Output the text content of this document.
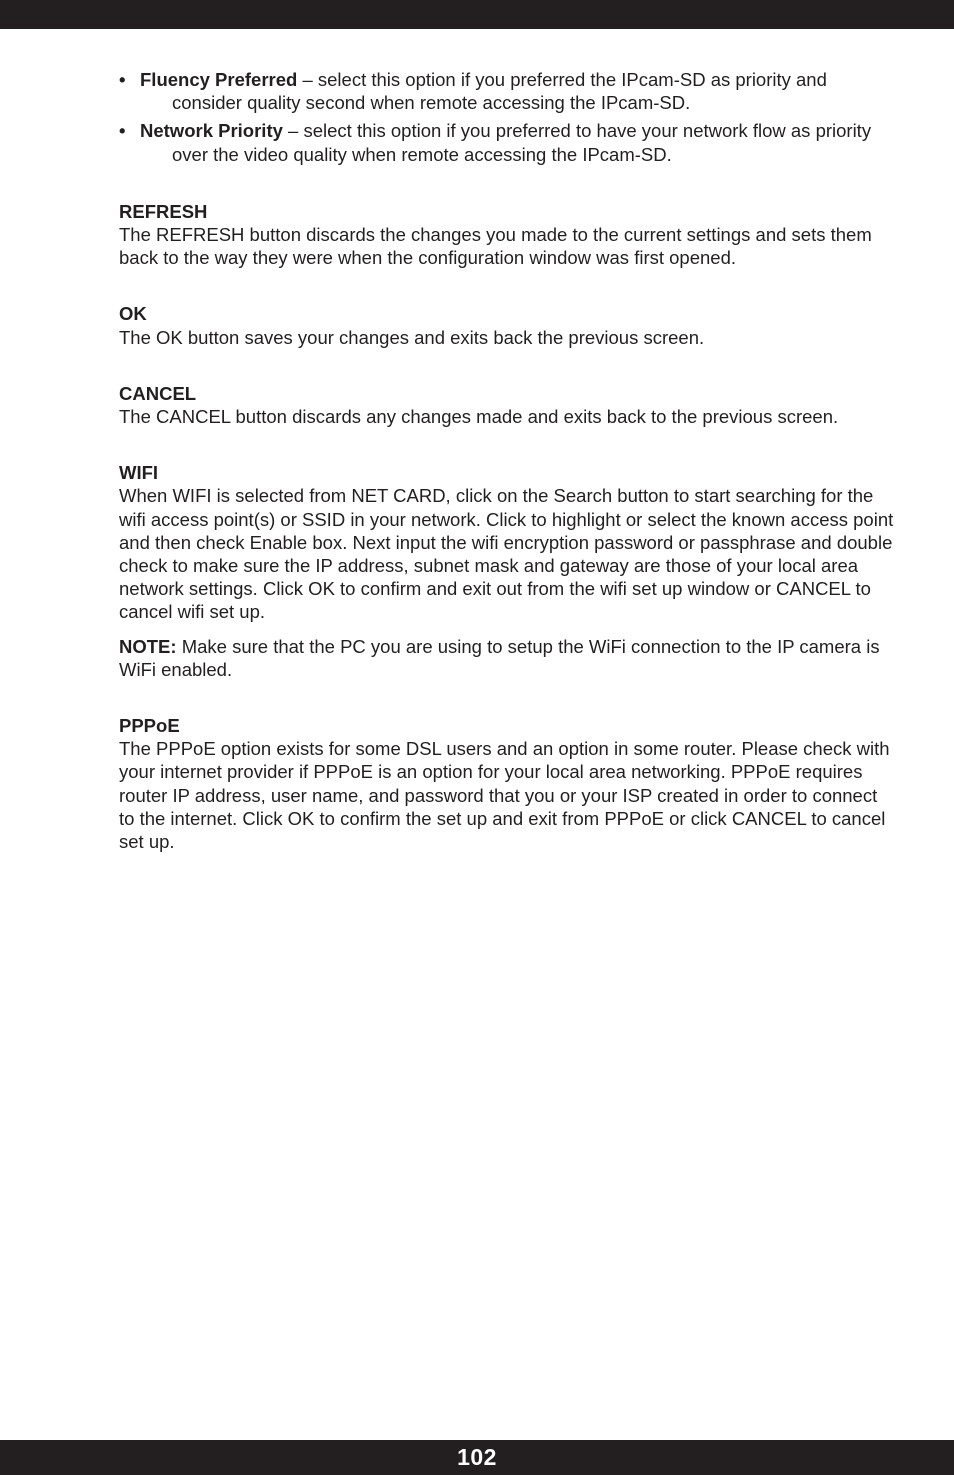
• Fluency Preferred – select this option if you preferred the IPcam-SD as priority and consider quality second when remote accessing the IPcam-SD.
• Network Priority – select this option if you preferred to have your network flow as priority over the video quality when remote accessing the IPcam-SD.
REFRESH

The REFRESH button discards the changes you made to the current settings and sets them back to the way they were when the configuration window was first opened.

OK

The OK button saves your changes and exits back the previous screen.

CANCEL

The CANCEL button discards any changes made and exits back to the previous screen.

WIFI

When WIFI is selected from NET CARD, click on the Search button to start searching for the wifi access point(s) or SSID in your network. Click to highlight or select the known access point and then check Enable box. Next input the wifi encryption password or passphrase and double check to make sure the IP address, subnet mask and gateway are those of your local area network settings. Click OK to confirm and exit out from the wifi set up window or CANCEL to cancel wifi set up.

NOTE: Make sure that the PC you are using to setup the WiFi connection to the IP camera is WiFi enabled.

PPPoE

The PPPoE option exists for some DSL users and an option in some router. Please check with your internet provider if PPPoE is an option for your local area networking. PPPoE requires router IP address, user name, and password that you or your ISP created in order to connect to the internet. Click OK to confirm the set up and exit from PPPoE or click CANCEL to cancel set up.

102
